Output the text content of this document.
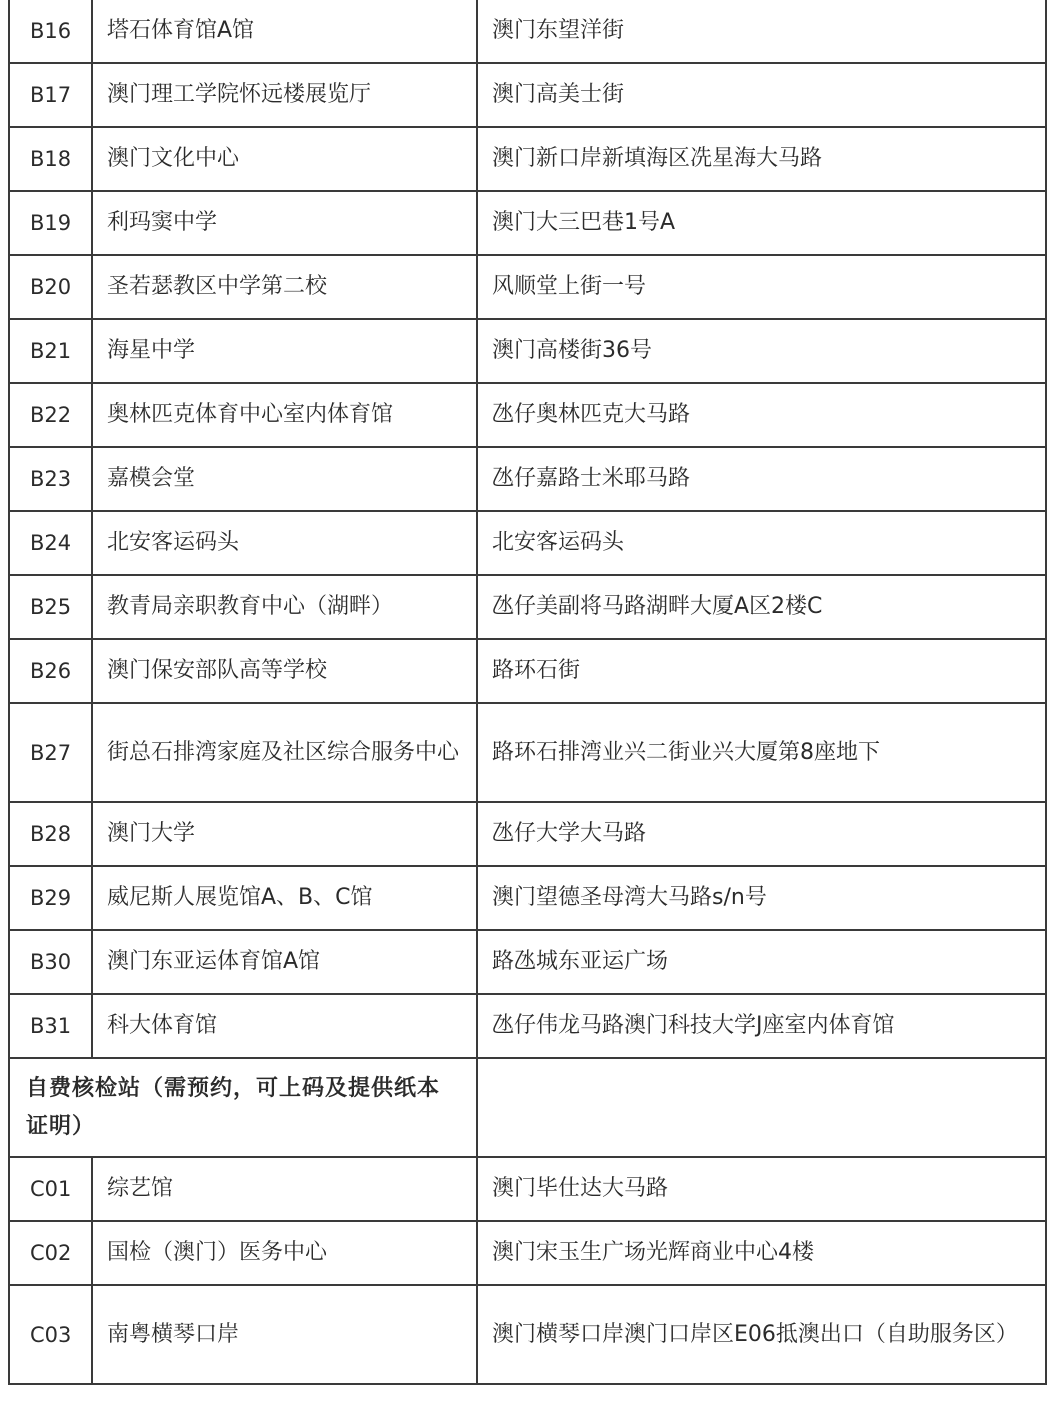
B16	塔石体育馆A馆	澳门东望洋街
B17	澳门理工学院怀远楼展览厅	澳门高美士街
B18	澳门文化中心	澳门新口岸新填海区冼星海大马路
B19	利玛窦中学	澳门大三巴巷1号A
B20	圣若瑟教区中学第二校	风顺堂上街一号
B21	海星中学	澳门高楼街36号
B22	奥林匹克体育中心室内体育馆	氹仔奥林匹克大马路
B23	嘉模会堂	氹仔嘉路士米耶马路
B24	北安客运码头	北安客运码头
B25	教青局亲职教育中心（湖畔）	氹仔美副将马路湖畔大厦A区2楼C
B26	澳门保安部队高等学校	路环石街
B27	街总石排湾家庭及社区综合服务中心	路环石排湾业兴二街业兴大厦第8座地下
B28	澳门大学	氹仔大学大马路
B29	威尼斯人展览馆A、B、C馆	澳门望德圣母湾大马路s/n号
B30	澳门东亚运体育馆A馆	路氹城东亚运广场
B31	科大体育馆	氹仔伟龙马路澳门科技大学J座室内体育馆
自费核检站（需预约，可上码及提供纸本证明）		
C01	综艺馆	澳门毕仕达大马路
C02	国检（澳门）医务中心	澳门宋玉生广场光辉商业中心4楼
C03	南粤横琴口岸	澳门横琴口岸澳门口岸区E06抵澳出口（自助服务区）
